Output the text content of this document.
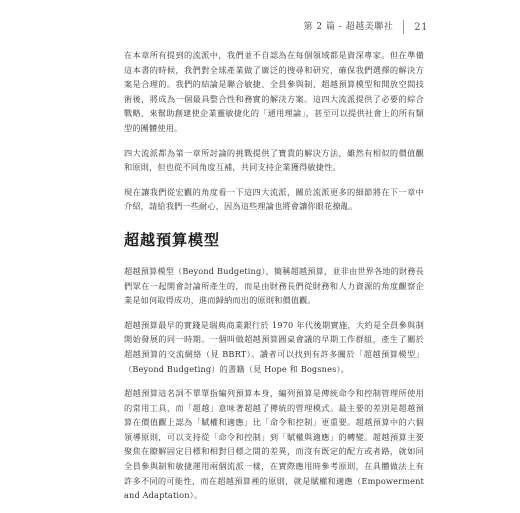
第 2 篇 - 超越美聯社	21

在本章所有提到的流派中，我們並不自認為在每個領域都是資深專家。但在準備這本書的時候，我們對全球產業做了廣泛的搜尋和研究，確保我們選擇的解決方案是合理的。我們的結論是聯合敏捷、全員參與制、超越預算模型和開放空間技術後，將成為一個最具整合性和務實的解決方案。這四大流派提供了必要的綜合戰略，來幫助創建使企業靈敏捷化的「通用理論」，甚至可以提供社會上的所有類型的團體使用。

四大流派都為第一章所討論的挑戰提供了寶貴的解決方法，雖然有相似的價值觀和原則，但也從不同角度互補，共同支持企業獲得敏捷性。

現在讓我們從宏觀的角度看一下這四大流派，關於流派更多的細節將在下一章中介紹，請給我們一些耐心，因為這些理論也將會讓你眼花撩亂。

超越預算模型

超越預算模型（Beyond Budgeting），簡稱超越預算，並非由世界各地的財務長們眾在一起開會討論所產生的，而是由財務長們從財務和人力資源的角度觀察企業是如何取得成功，進而歸納而出的原則和價值觀。

超越預算最早的實踐是瑞典商業銀行於 1970 年代後期實施，大約是全員參與制開始發展的同一時期。一個叫做超越預算圓桌會議的早期工作群組，產生了關於超越預算的交流網絡（見 BBRT）。讀者可以找到有許多關於「超越預算模型」（Beyond Budgeting）的書籍（見 Hope 和 Bogsnes）。

超越預算這名詞不單單指編列預算本身，編列預算是傳統命令和控制管理所使用的常用工具，而「超越」意味著超越了傳統的管理模式。最主要的差別是超越預算在價值觀上認為「賦權和適應」比「命令和控制」更重要。超越預算中的六個領導原則，可以支持從「命令和控制」到「賦權與適應」的轉變。超越預算主要聚焦在瞭解固定目標和相對目標之間的差異，而沒有既定的配方或者路，就如同全員參與制和敏捷運用兩個流派一樣，在實際應用時參考原則，在具體做法上有許多不同的可能性，而在超越預算裡的原則，就是賦權和適應（Empowerment and Adaptation）。
